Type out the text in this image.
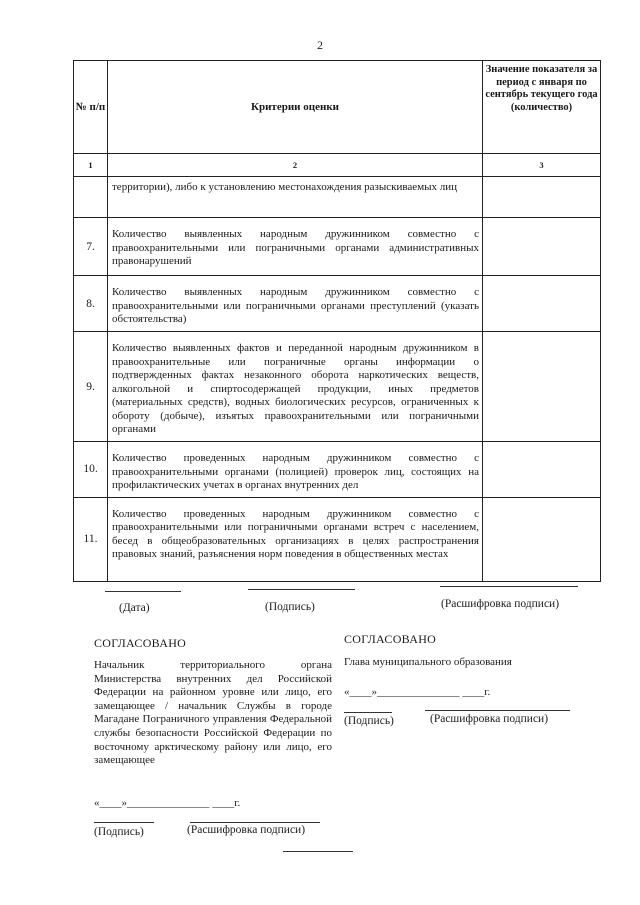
2
№ п/п	Критерии оценки	Значение показателя за период с января по сентябрь текущего года (количество)
1	2	3
	территории), либо к установлению местонахождения разыскиваемых лиц	
7.	Количество выявленных народным дружинником совместно с правоохранительными или пограничными органами административных правонарушений	
8.	Количество выявленных народным дружинником совместно с правоохранительными или пограничными органами преступлений (указать обстоятельства)	
9.	Количество выявленных фактов и переданной народным дружинником в правоохранительные или пограничные органы информации о подтвержденных фактах незаконного оборота наркотических веществ, алкогольной и спиртосодержащей продукции, иных предметов (материальных средств), водных биологических ресурсов, ограниченных к обороту (добыче), изъятых правоохранительными или пограничными органами	
10.	Количество проведенных народным дружинником совместно с правоохранительными органами (полицией) проверок лиц, состоящих на профилактических учетах в органах внутренних дел	
11.	Количество проведенных народным дружинником совместно с правоохранительными или пограничными органами встреч с населением, бесед в общеобразовательных организациях в целях распространения правовых знаний, разъяснения норм поведения в общественных местах	
(Дата)	(Подпись)	(Расшифровка подписи)
СОГЛАСОВАНО
Начальник территориального органа Министерства внутренних дел Российской Федерации на районном уровне или лицо, его замещающее / начальник Службы в городе Магадане Пограничного управления Федеральной службы безопасности Российской Федерации по восточному арктическому району или лицо, его замещающее
«____»_______________ ____г.
(Подпись)	(Расшифровка подписи)
СОГЛАСОВАНО
Глава муниципального образования
«____»_______________ ____г.
(Подпись)	(Расшифровка подписи)
